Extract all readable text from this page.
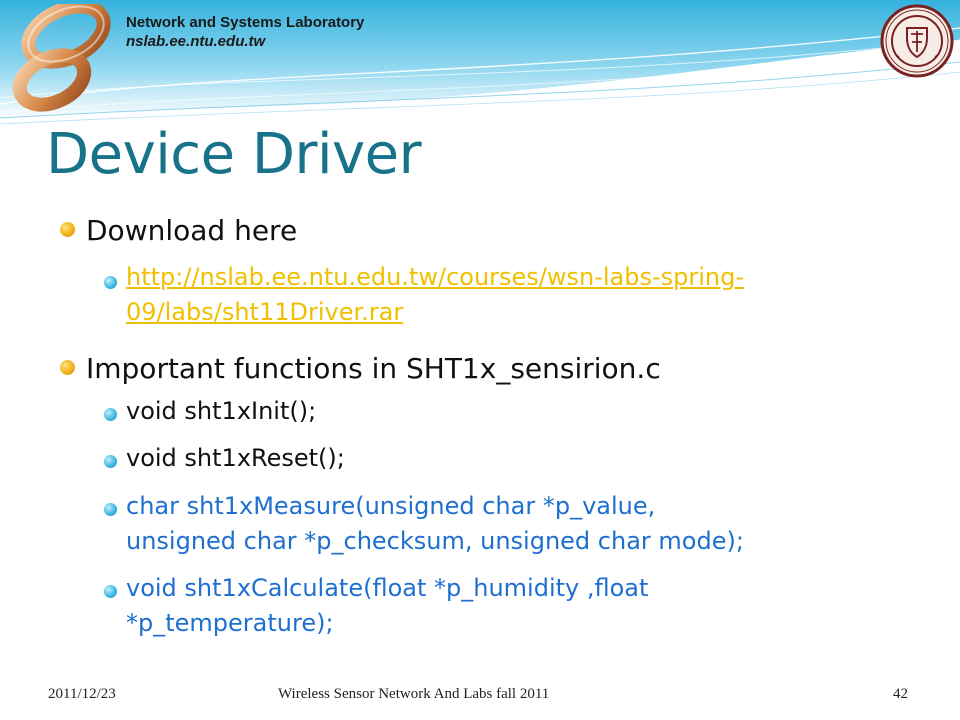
Network and Systems Laboratory
nslab.ee.ntu.edu.tw
Device Driver
Download here
http://nslab.ee.ntu.edu.tw/courses/wsn-labs-spring-
09/labs/sht11Driver.rar
Important functions in SHT1x_sensirion.c
void sht1xInit();
void sht1xReset();
char sht1xMeasure(unsigned char *p_value,
unsigned char *p_checksum, unsigned char mode);
void sht1xCalculate(float *p_humidity ,float
*p_temperature);
2011/12/23	Wireless Sensor Network And Labs fall 2011	42
